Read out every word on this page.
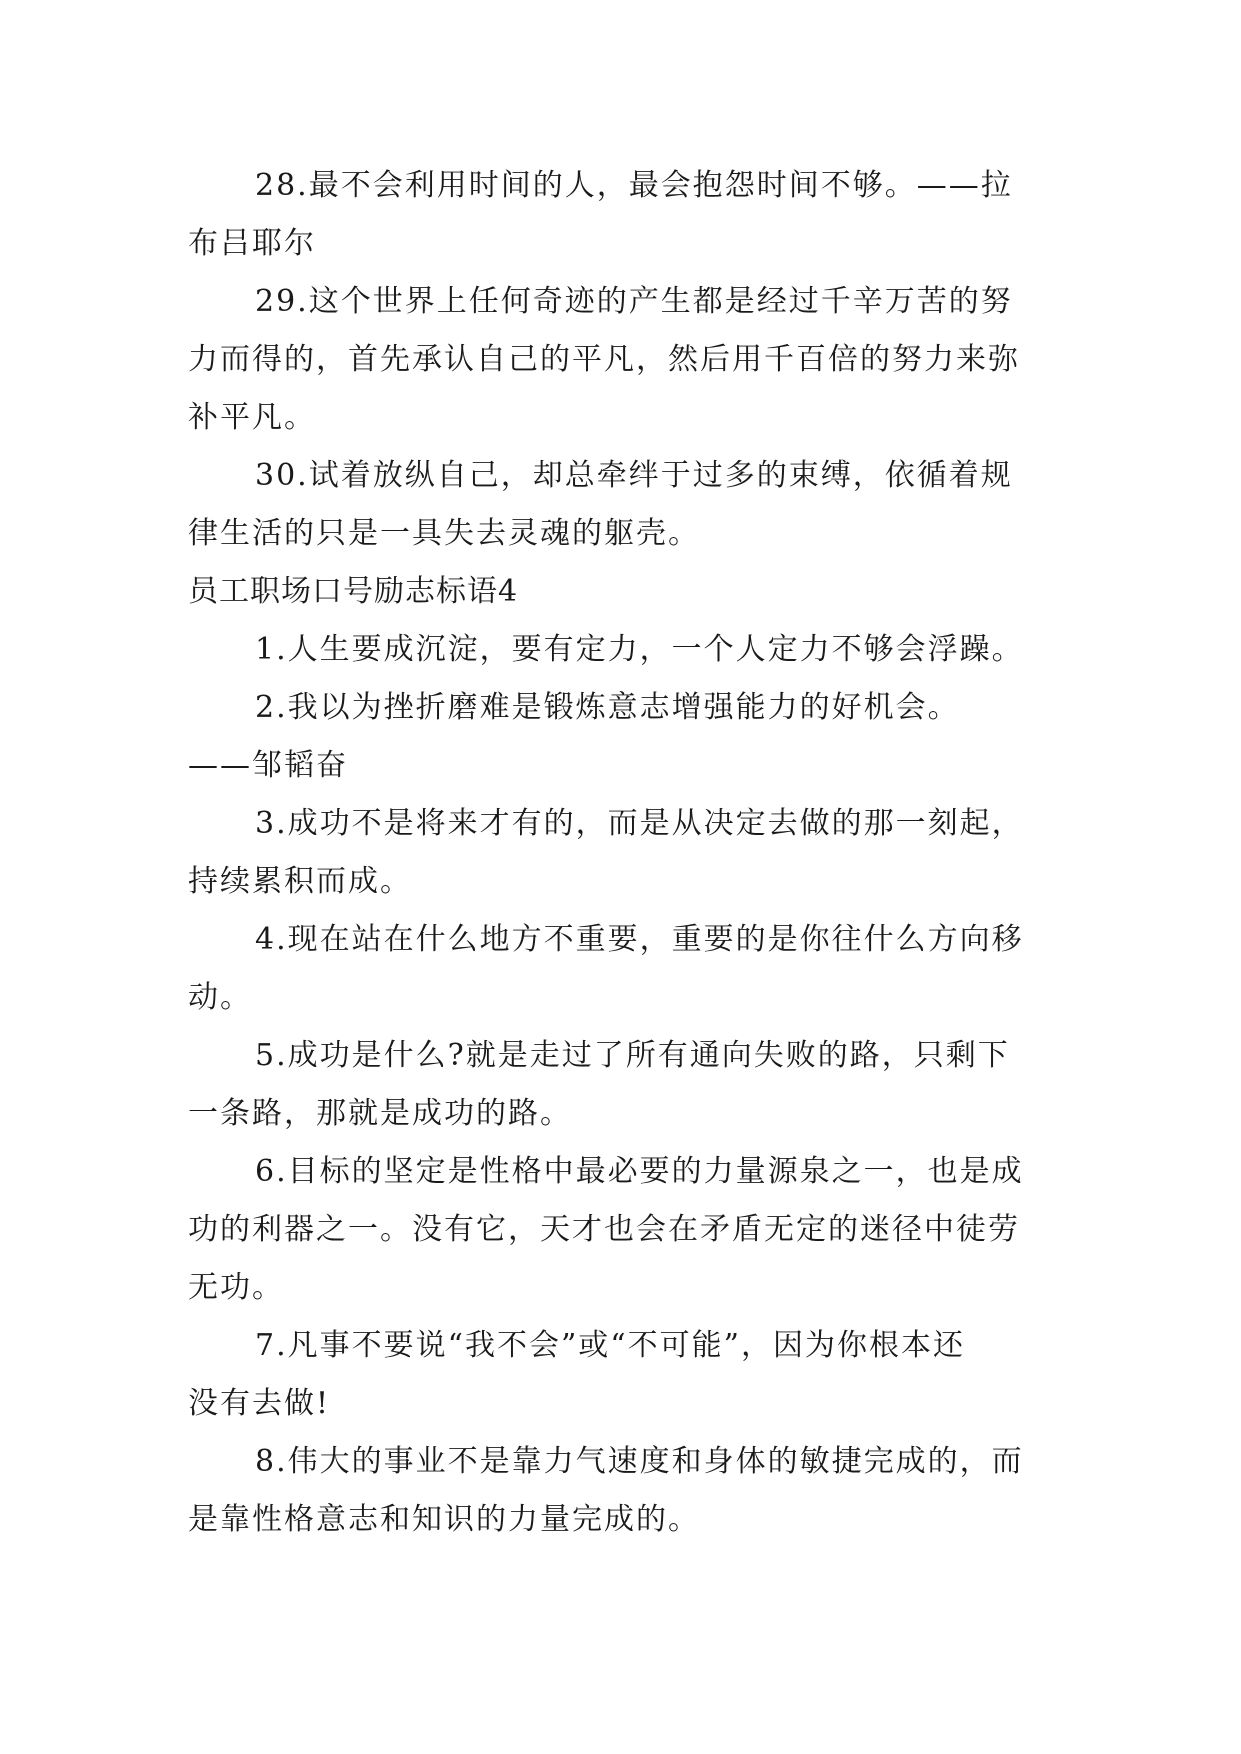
28.最不会利用时间的人，最会抱怨时间不够。——拉
布吕耶尔
29.这个世界上任何奇迹的产生都是经过千辛万苦的努
力而得的，首先承认自己的平凡，然后用千百倍的努力来弥
补平凡。
30.试着放纵自己，却总牵绊于过多的束缚，依循着规
律生活的只是一具失去灵魂的躯壳。
员工职场口号励志标语4
1.人生要成沉淀，要有定力，一个人定力不够会浮躁。
2.我以为挫折磨难是锻炼意志增强能力的好机会。
——邹韬奋
3.成功不是将来才有的，而是从决定去做的那一刻起，
持续累积而成。
4.现在站在什么地方不重要，重要的是你往什么方向移
动。
5.成功是什么?就是走过了所有通向失败的路，只剩下
一条路，那就是成功的路。
6.目标的坚定是性格中最必要的力量源泉之一，也是成
功的利器之一。没有它，天才也会在矛盾无定的迷径中徒劳
无功。
7.凡事不要说“我不会”或“不可能”，因为你根本还
没有去做!
8.伟大的事业不是靠力气速度和身体的敏捷完成的，而
是靠性格意志和知识的力量完成的。
